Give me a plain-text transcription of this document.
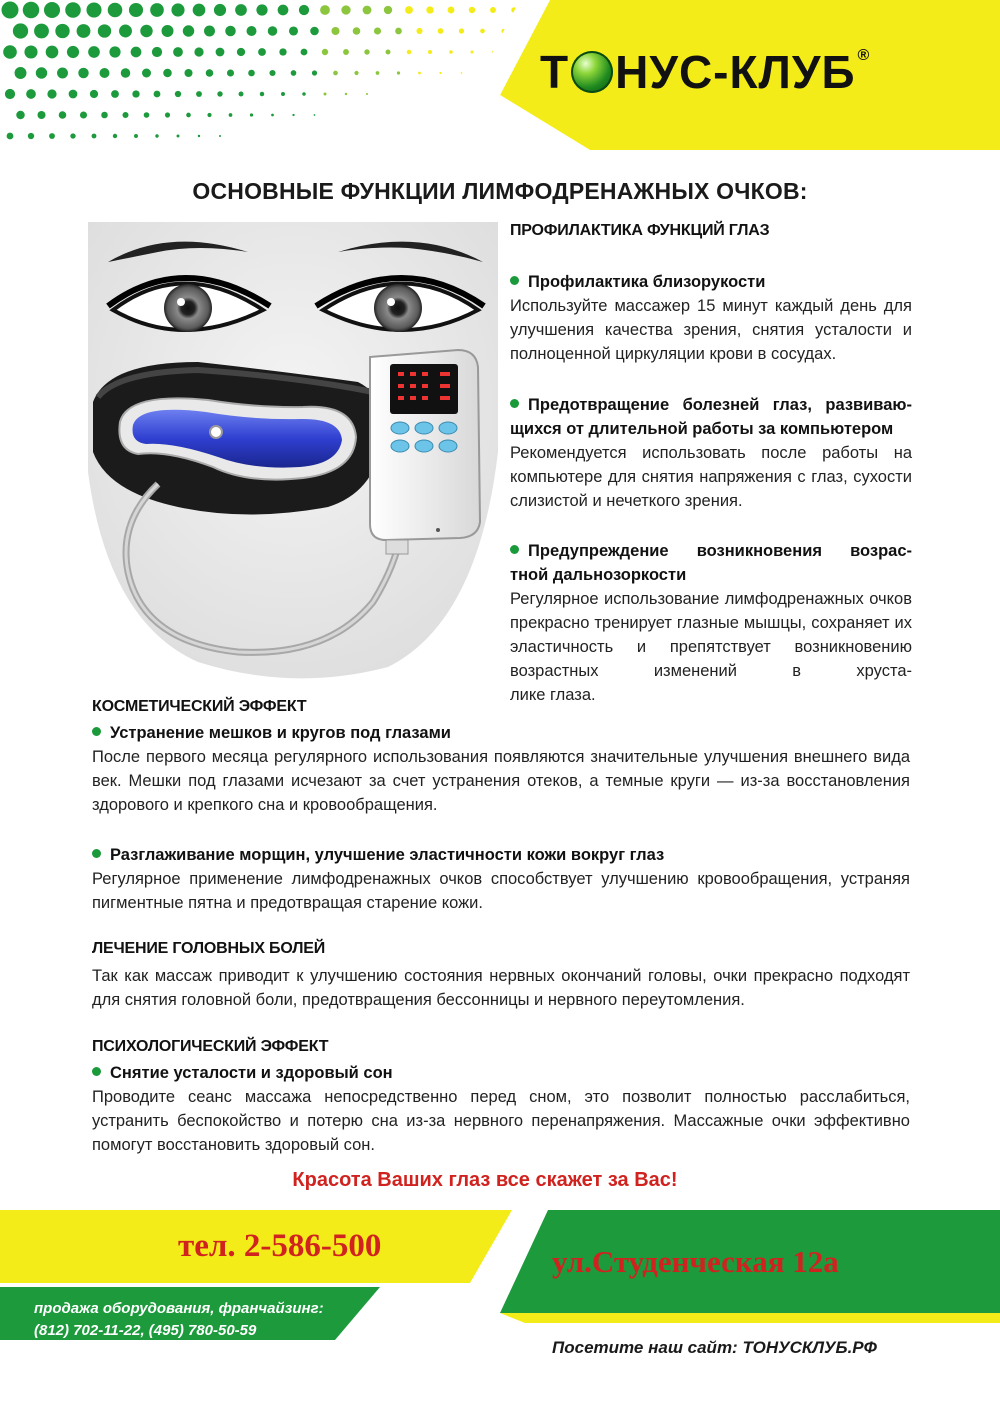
Т НУС-КЛУБ ®
ОСНОВНЫЕ ФУНКЦИИ ЛИМФОДРЕНАЖНЫХ ОЧКОВ:
ПРОФИЛАКТИКА ФУНКЦИЙ ГЛАЗ
Профилактика близорукости
Используйте массажер 15 минут каждый день для улучшения качества зрения, снятия усталости и полноценной циркуляции крови в сосудах.
Предотвращение болезней глаз, развиваю-
щихся от длительной работы за компьютером
Рекомендуется использовать после работы на компьютере для снятия напряжения с глаз, сухости слизистой и нечеткого зрения.
Предупреждение возникновения возрас-
тной дальнозоркости
Регулярное использование лимфодренажных очков прекрасно тренирует глазные мышцы, сохраняет их эластичность и препятствует возникновению возрастных изменений в хруста-
лике глаза.
КОСМЕТИЧЕСКИЙ ЭФФЕКТ
Устранение мешков и кругов под глазами
После первого месяца регулярного использования появляются значительные улучшения внешнего вида век. Мешки под глазами исчезают за счет устранения отеков, а темные круги — из-за восстановления здорового и крепкого сна и кровообращения.
Разглаживание морщин, улучшение эластичности кожи вокруг глаз
Регулярное применение лимфодренажных очков способствует улучшению кровообращения, устраняя пигментные пятна и предотвращая старение кожи.
ЛЕЧЕНИЕ ГОЛОВНЫХ БОЛЕЙ
Так как массаж приводит к улучшению состояния нервных окончаний головы, очки прекрасно подходят для снятия головной боли, предотвращения бессонницы и нервного переутомления.
ПСИХОЛОГИЧЕСКИЙ ЭФФЕКТ
Снятие усталости и здоровый сон
Проводите сеанс массажа непосредственно перед сном, это позволит полностью расслабиться, устранить беспокойство и потерю сна из-за нервного перенапряжения. Массажные очки эффективно помогут восстановить здоровый сон.
Красота Ваших глаз все скажет за Вас!
тел. 2-586-500	ул.Студенческая 12а
продажа оборудования, франчайзинг:
(812) 702-11-22, (495) 780-50-59
Посетите наш сайт: ТОНУСКЛУБ.РФ
